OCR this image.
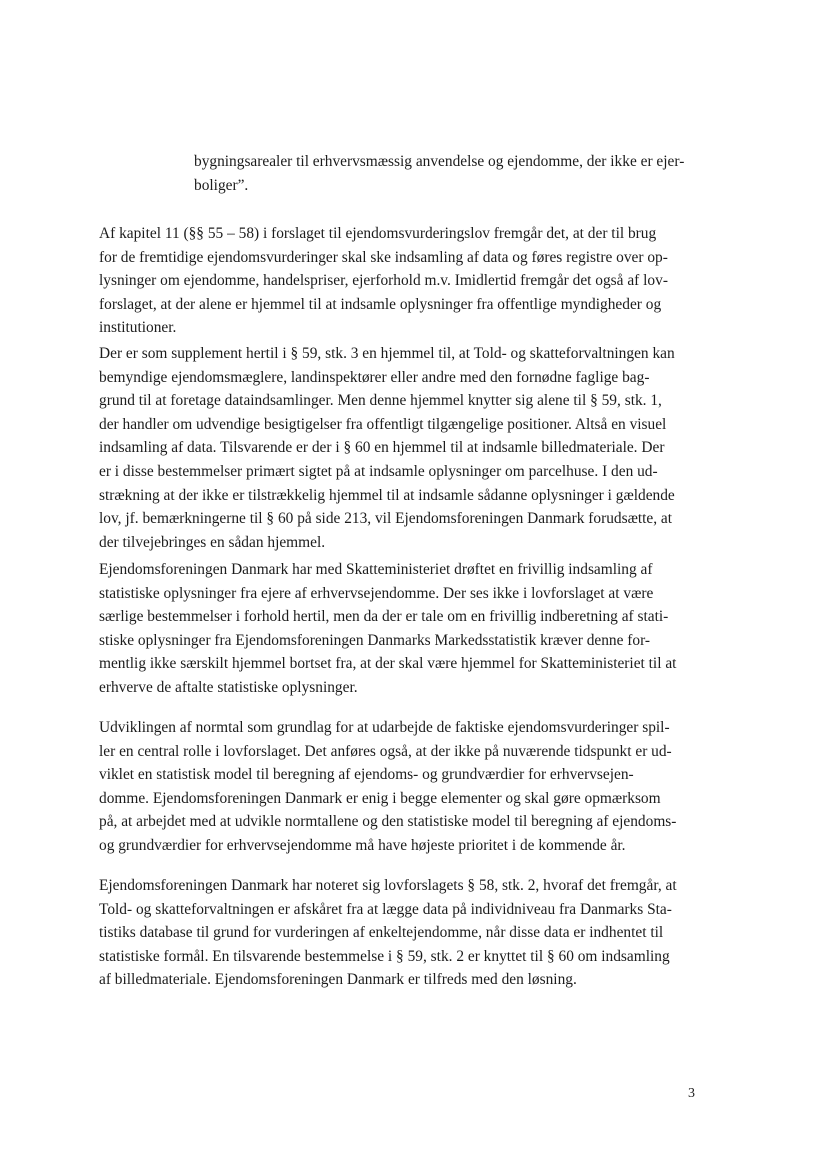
bygningsarealer til erhvervsmæssig anvendelse og ejendomme, der ikke er ejer-
boliger”.
Af kapitel 11 (§§ 55 – 58) i forslaget til ejendomsvurderingslov fremgår det, at der til brug
for de fremtidige ejendomsvurderinger skal ske indsamling af data og føres registre over op-
lysninger om ejendomme, handelspriser, ejerforhold m.v. Imidlertid fremgår det også af lov-
forslaget, at der alene er hjemmel til at indsamle oplysninger fra offentlige myndigheder og
institutioner.
Der er som supplement hertil i § 59, stk. 3 en hjemmel til, at Told- og skatteforvaltningen kan
bemyndige ejendomsmæglere, landinspektører eller andre med den fornødne faglige bag-
grund til at foretage dataindsamlinger. Men denne hjemmel knytter sig alene til § 59, stk. 1,
der handler om udvendige besigtigelser fra offentligt tilgængelige positioner. Altså en visuel
indsamling af data. Tilsvarende er der i § 60 en hjemmel til at indsamle billedmateriale. Der
er i disse bestemmelser primært sigtet på at indsamle oplysninger om parcelhuse. I den ud-
strækning at der ikke er tilstrækkelig hjemmel til at indsamle sådanne oplysninger i gældende
lov, jf. bemærkningerne til § 60 på side 213, vil Ejendomsforeningen Danmark forudsætte, at
der tilvejebringes en sådan hjemmel.
Ejendomsforeningen Danmark har med Skatteministeriet drøftet en frivillig indsamling af
statistiske oplysninger fra ejere af erhvervsejendomme. Der ses ikke i lovforslaget at være
særlige bestemmelser i forhold hertil, men da der er tale om en frivillig indberetning af stati-
stiske oplysninger fra Ejendomsforeningen Danmarks Markedsstatistik kræver denne for-
mentlig ikke særskilt hjemmel bortset fra, at der skal være hjemmel for Skatteministeriet til at
erhverve de aftalte statistiske oplysninger.
Udviklingen af normtal som grundlag for at udarbejde de faktiske ejendomsvurderinger spil-
ler en central rolle i lovforslaget. Det anføres også, at der ikke på nuværende tidspunkt er ud-
viklet en statistisk model til beregning af ejendoms- og grundværdier for erhvervsejen-
domme. Ejendomsforeningen Danmark er enig i begge elementer og skal gøre opmærksom
på, at arbejdet med at udvikle normtallene og den statistiske model til beregning af ejendoms-
og grundværdier for erhvervsejendomme må have højeste prioritet i de kommende år.
Ejendomsforeningen Danmark har noteret sig lovforslagets § 58, stk. 2, hvoraf det fremgår, at
Told- og skatteforvaltningen er afskåret fra at lægge data på individniveau fra Danmarks Sta-
tistiks database til grund for vurderingen af enkeltejendomme, når disse data er indhentet til
statistiske formål. En tilsvarende bestemmelse i § 59, stk. 2 er knyttet til § 60 om indsamling
af billedmateriale. Ejendomsforeningen Danmark er tilfreds med den løsning.
3
